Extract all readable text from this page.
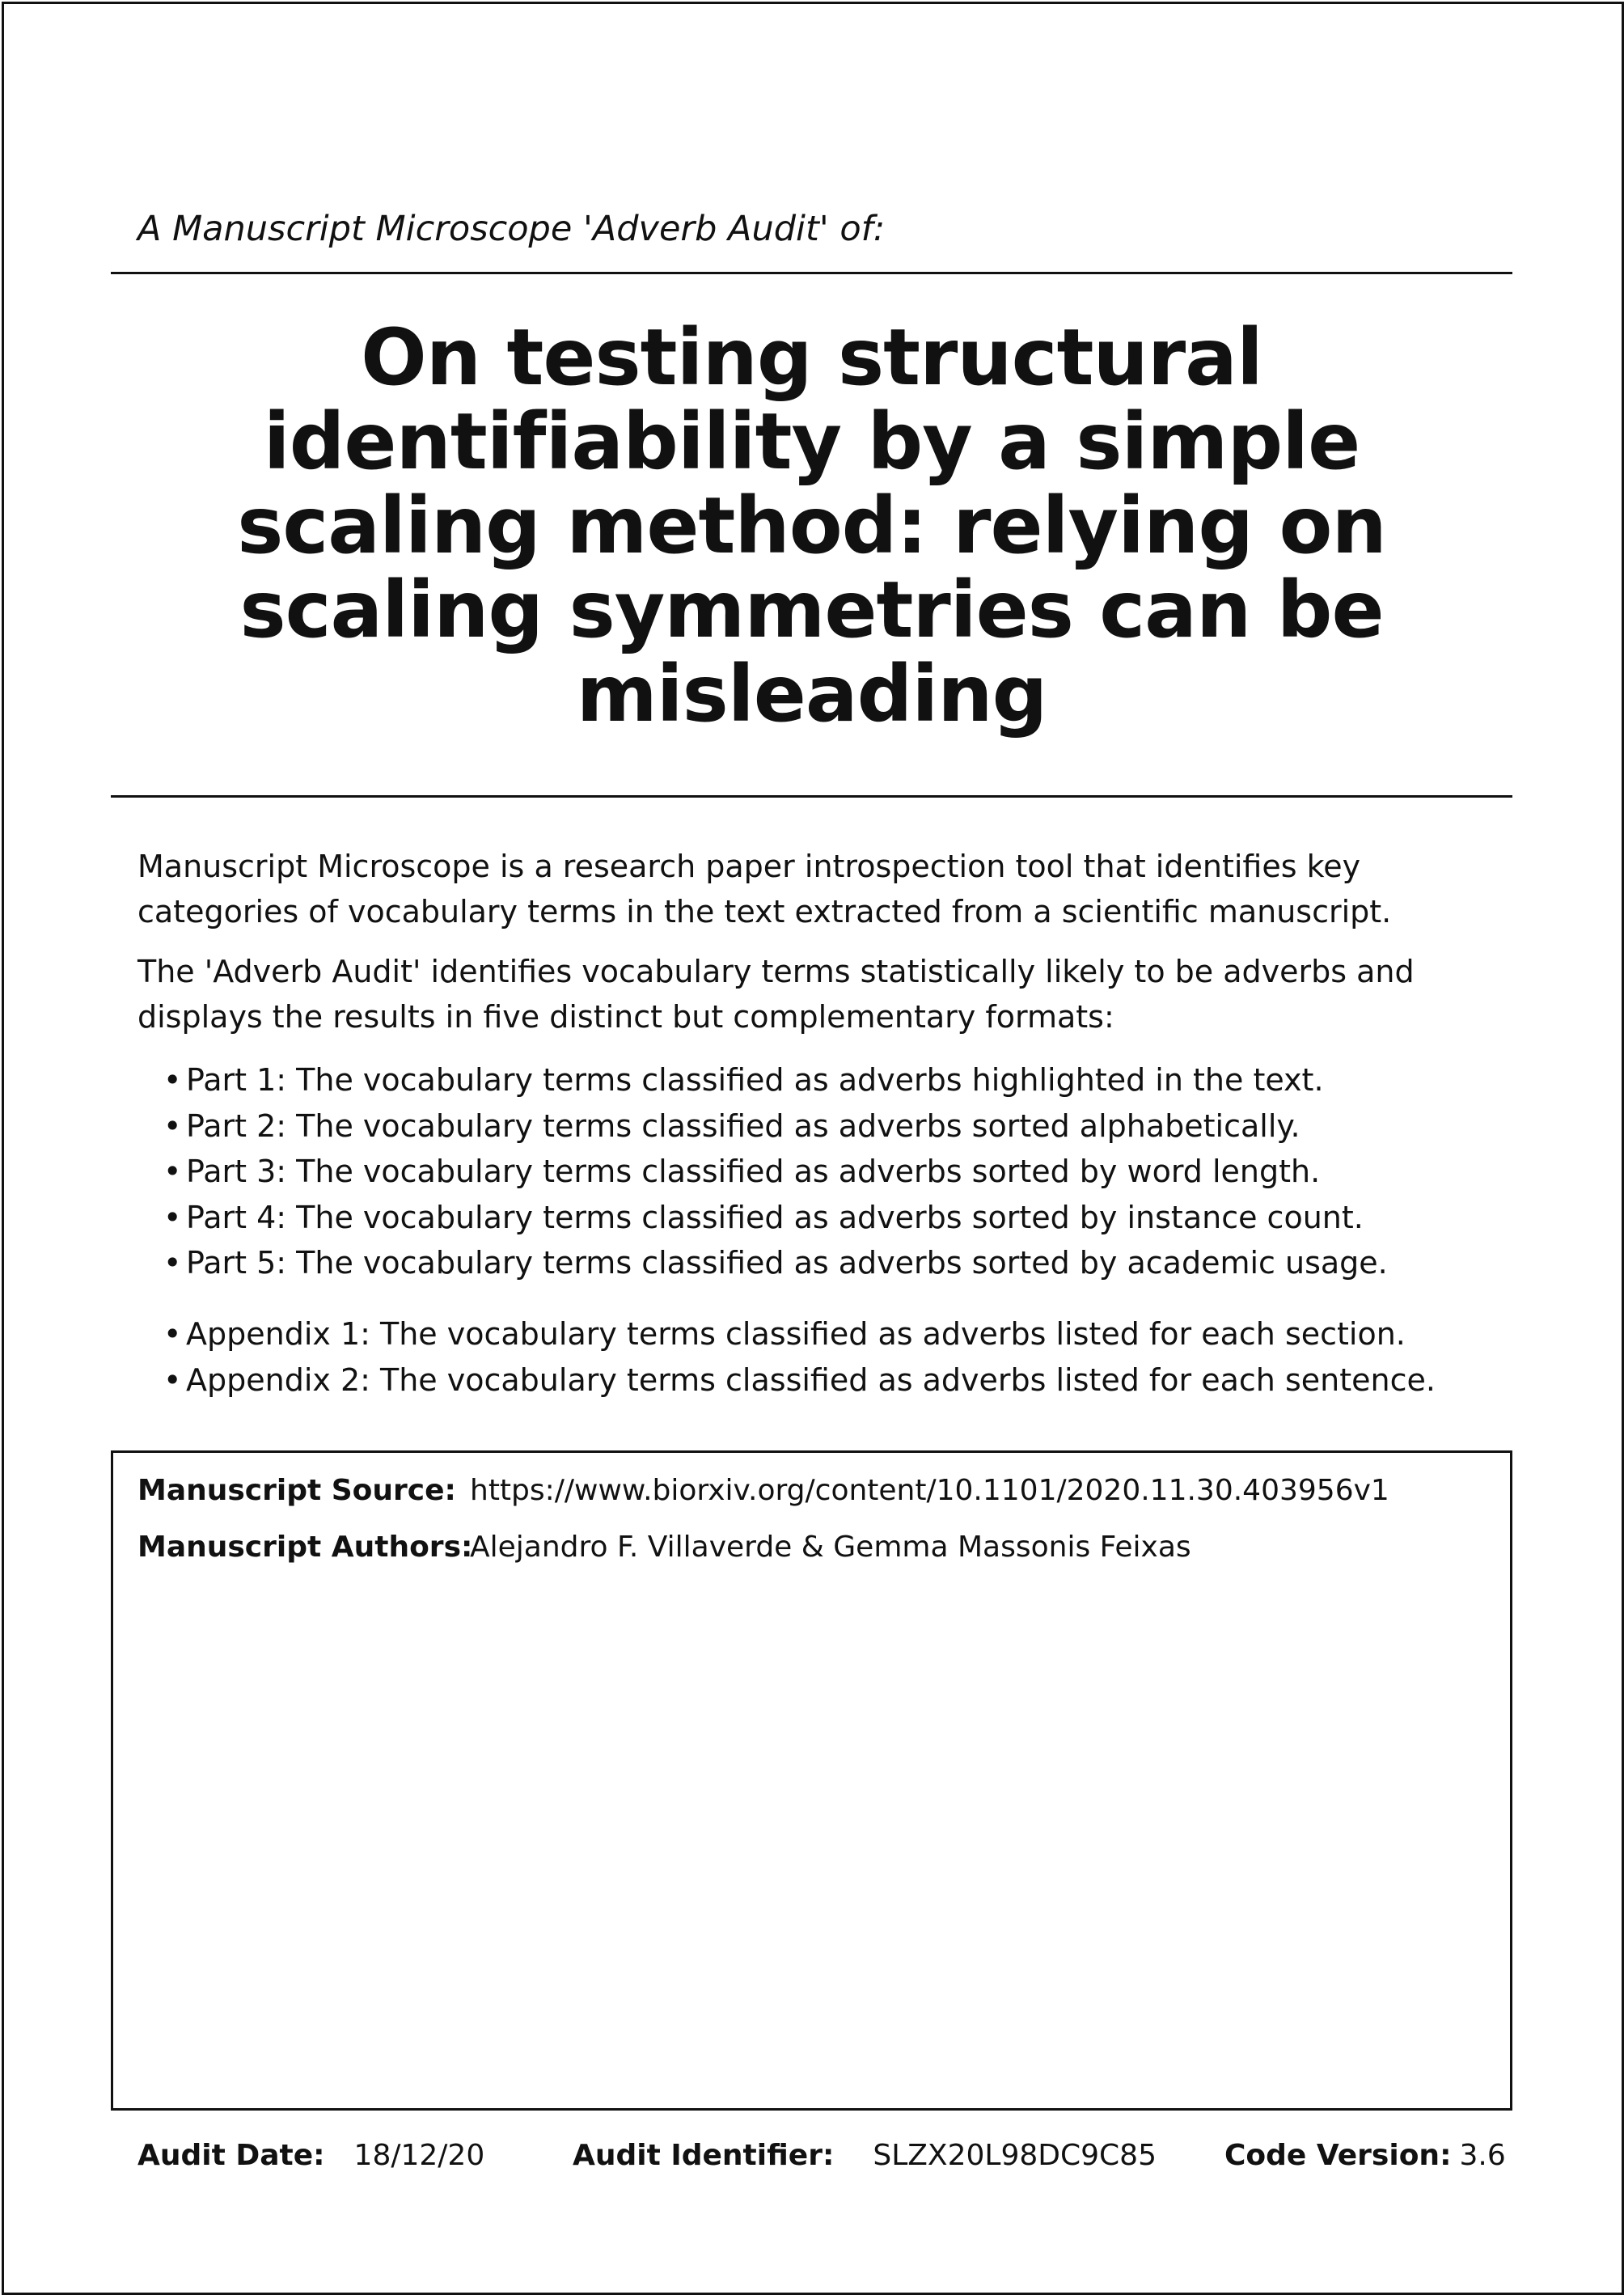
A Manuscript Microscope 'Adverb Audit' of:
On testing structural
identifiability by a simple
scaling method: relying on
scaling symmetries can be
misleading

Manuscript Microscope is a research paper introspection tool that identifies key categories of vocabulary terms in the text extracted from a scientific manuscript.

The 'Adverb Audit' identifies vocabulary terms statistically likely to be adverbs and displays the results in five distinct but complementary formats:

• Part 1: The vocabulary terms classified as adverbs highlighted in the text.
• Part 2: The vocabulary terms classified as adverbs sorted alphabetically.
• Part 3: The vocabulary terms classified as adverbs sorted by word length.
• Part 4: The vocabulary terms classified as adverbs sorted by instance count.
• Part 5: The vocabulary terms classified as adverbs sorted by academic usage.
• Appendix 1: The vocabulary terms classified as adverbs listed for each section.
• Appendix 2: The vocabulary terms classified as adverbs listed for each sentence.
Manuscript Source: https://www.biorxiv.org/content/10.1101/2020.11.30.403956v1
Manuscript Authors:Alejandro F. Villaverde & Gemma Massonis Feixas
Audit Date: 18/12/20	Audit Identifier: SLZX20L98DC9C85 Code Version: 3.6
